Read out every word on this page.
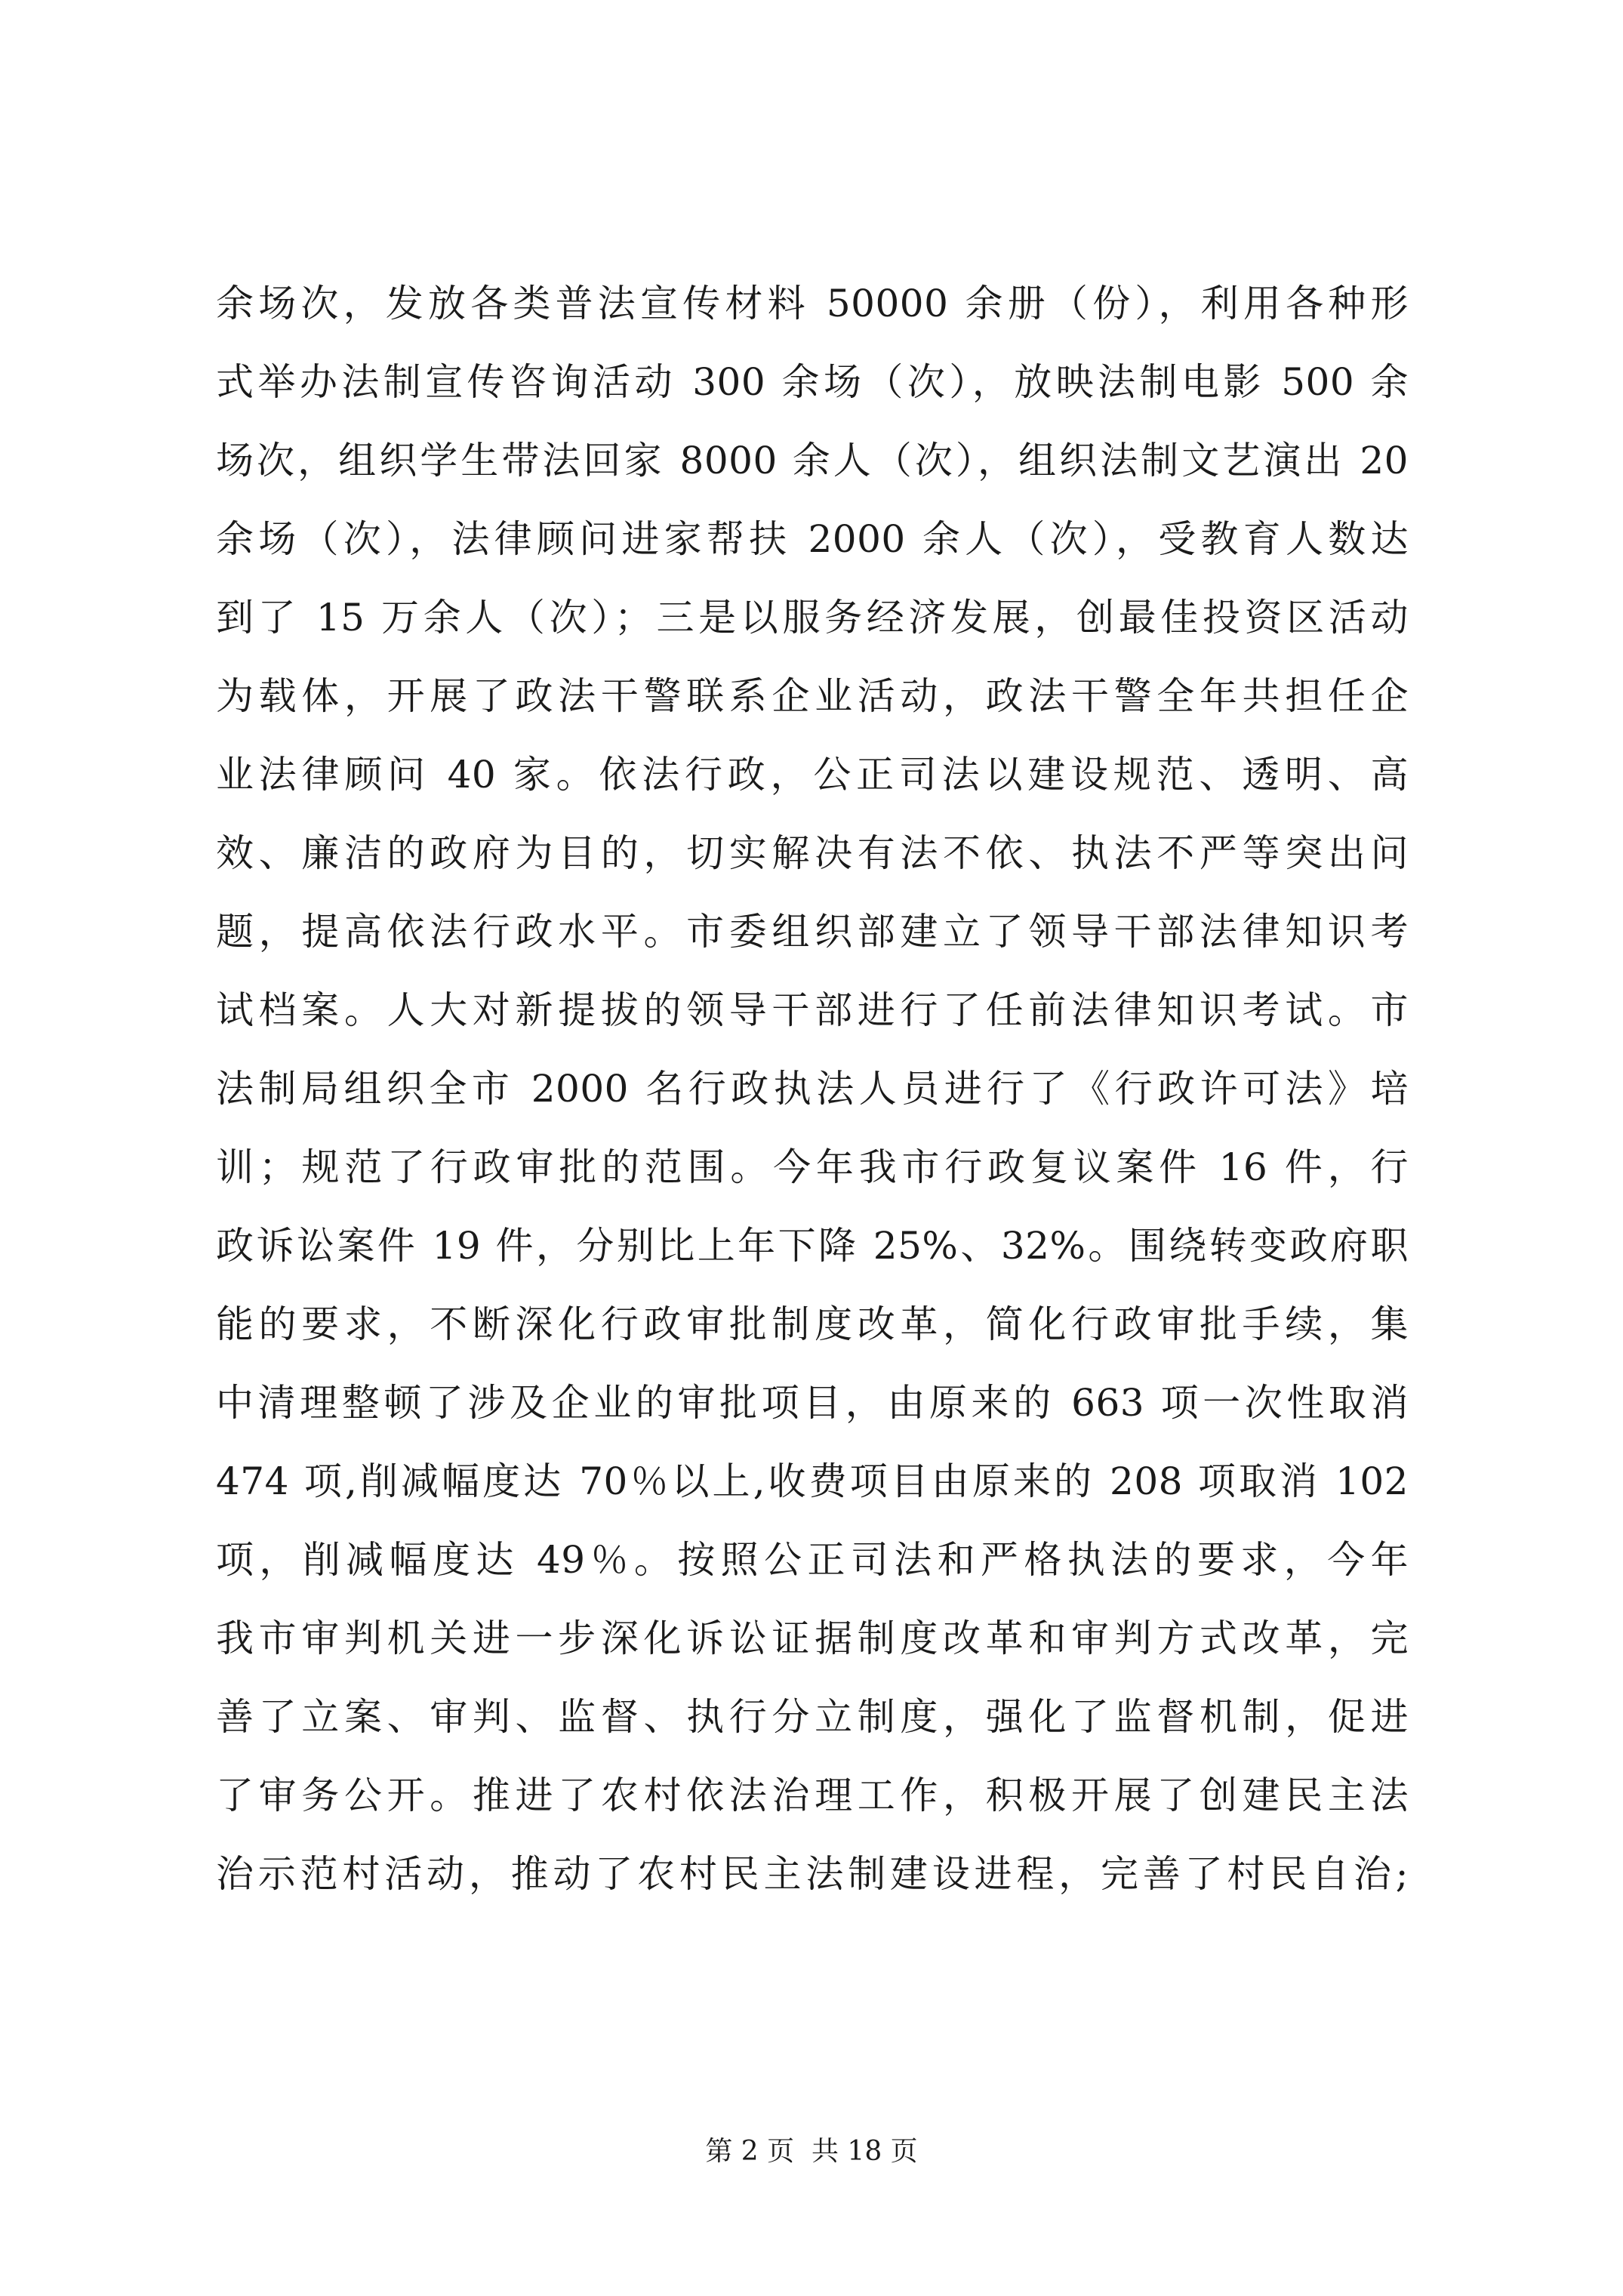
余场次，发放各类普法宣传材料 50000 余册（份），利用各种形
式举办法制宣传咨询活动 300 余场（次），放映法制电影 500 余
场次，组织学生带法回家 8000 余人（次），组织法制文艺演出 20
余场（次），法律顾问进家帮扶 2000 余人（次），受教育人数达
到了 15 万余人（次）；三是以服务经济发展，创最佳投资区活动
为载体，开展了政法干警联系企业活动，政法干警全年共担任企
业法律顾问 40 家。依法行政，公正司法以建设规范、透明、高
效、廉洁的政府为目的，切实解决有法不依、执法不严等突出问
题，提高依法行政水平。市委组织部建立了领导干部法律知识考
试档案。人大对新提拔的领导干部进行了任前法律知识考试。市
法制局组织全市 2000 名行政执法人员进行了《行政许可法》培
训；规范了行政审批的范围。今年我市行政复议案件 16 件，行
政诉讼案件 19 件，分别比上年下降 25%、32%。围绕转变政府职
能的要求，不断深化行政审批制度改革，简化行政审批手续，集
中清理整顿了涉及企业的审批项目，由原来的 663 项一次性取消
474 项,削减幅度达 70％以上,收费项目由原来的 208 项取消 102
项，削减幅度达 49％。按照公正司法和严格执法的要求，今年
我市审判机关进一步深化诉讼证据制度改革和审判方式改革，完
善了立案、审判、监督、执行分立制度，强化了监督机制，促进
了审务公开。推进了农村依法治理工作，积极开展了创建民主法
治示范村活动，推动了农村民主法制建设进程，完善了村民自治;
第 2 页  共 18 页
